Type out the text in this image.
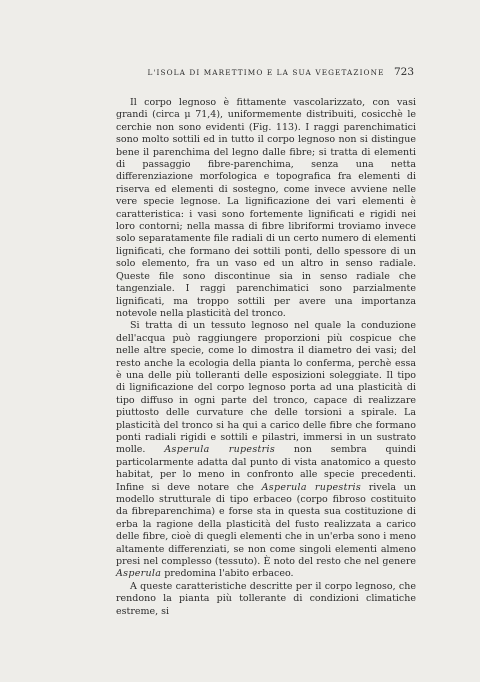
L'ISOLA DI MARETTIMO E LA SUA VEGETAZIONE 723

Il corpo legnoso è fittamente vascolarizzato, con vasi grandi (circa μ 71,4), uniformemente distribuiti, cosicchè le cerchie non sono evidenti (Fig. 113). I raggi parenchimatici sono molto sottili ed in tutto il corpo legnoso non si distingue bene il parenchima del legno dalle fibre; si tratta di elementi di passaggio fibre-parenchima, senza una netta differenziazione morfologica e topografica fra elementi di riserva ed elementi di sostegno, come invece avviene nelle vere specie legnose. La lignificazione dei vari elementi è caratteristica: i vasi sono fortemente lignificati e rigidi nei loro contorni; nella massa di fibre libriformi troviamo invece solo separatamente file radiali di un certo numero di elementi lignificati, che formano dei sottili ponti, dello spessore di un solo elemento, fra un vaso ed un altro in senso radiale. Queste file sono discontinue sia in senso radiale che tangenziale. I raggi parenchimatici sono parzialmente lignificati, ma troppo sottili per avere una importanza notevole nella plasticità del tronco.

Si tratta di un tessuto legnoso nel quale la conduzione dell'acqua può raggiungere proporzioni più cospicue che nelle altre specie, come lo dimostra il diametro dei vasi; del resto anche la ecologia della pianta lo conferma, perchè essa è una delle più tolleranti delle esposizioni soleggiate. Il tipo di lignificazione del corpo legnoso porta ad una plasticità di tipo diffuso in ogni parte del tronco, capace di realizzare piuttosto delle curvature che delle torsioni a spirale. La plasticità del tronco si ha qui a carico delle fibre che formano ponti radiali rigidi e sottili e pilastri, immersi in un sustrato molle. Asperula rupestris non sembra quindi particolarmente adatta dal punto di vista anatomico a questo habitat, per lo meno in confronto alle specie precedenti. Infine si deve notare che Asperula rupestris rivela un modello strutturale di tipo erbaceo (corpo fibroso costituito da fibreparenchima) e forse sta in questa sua costituzione di erba la ragione della plasticità del fusto realizzata a carico delle fibre, cioè di quegli elementi che in un'erba sono i meno altamente differenziati, se non come singoli elementi almeno presi nel complesso (tessuto). È noto del resto che nel genere Asperula predomina l'abito erbaceo.

A queste caratteristiche descritte per il corpo legnoso, che rendono la pianta più tollerante di condizioni climatiche estreme, si
